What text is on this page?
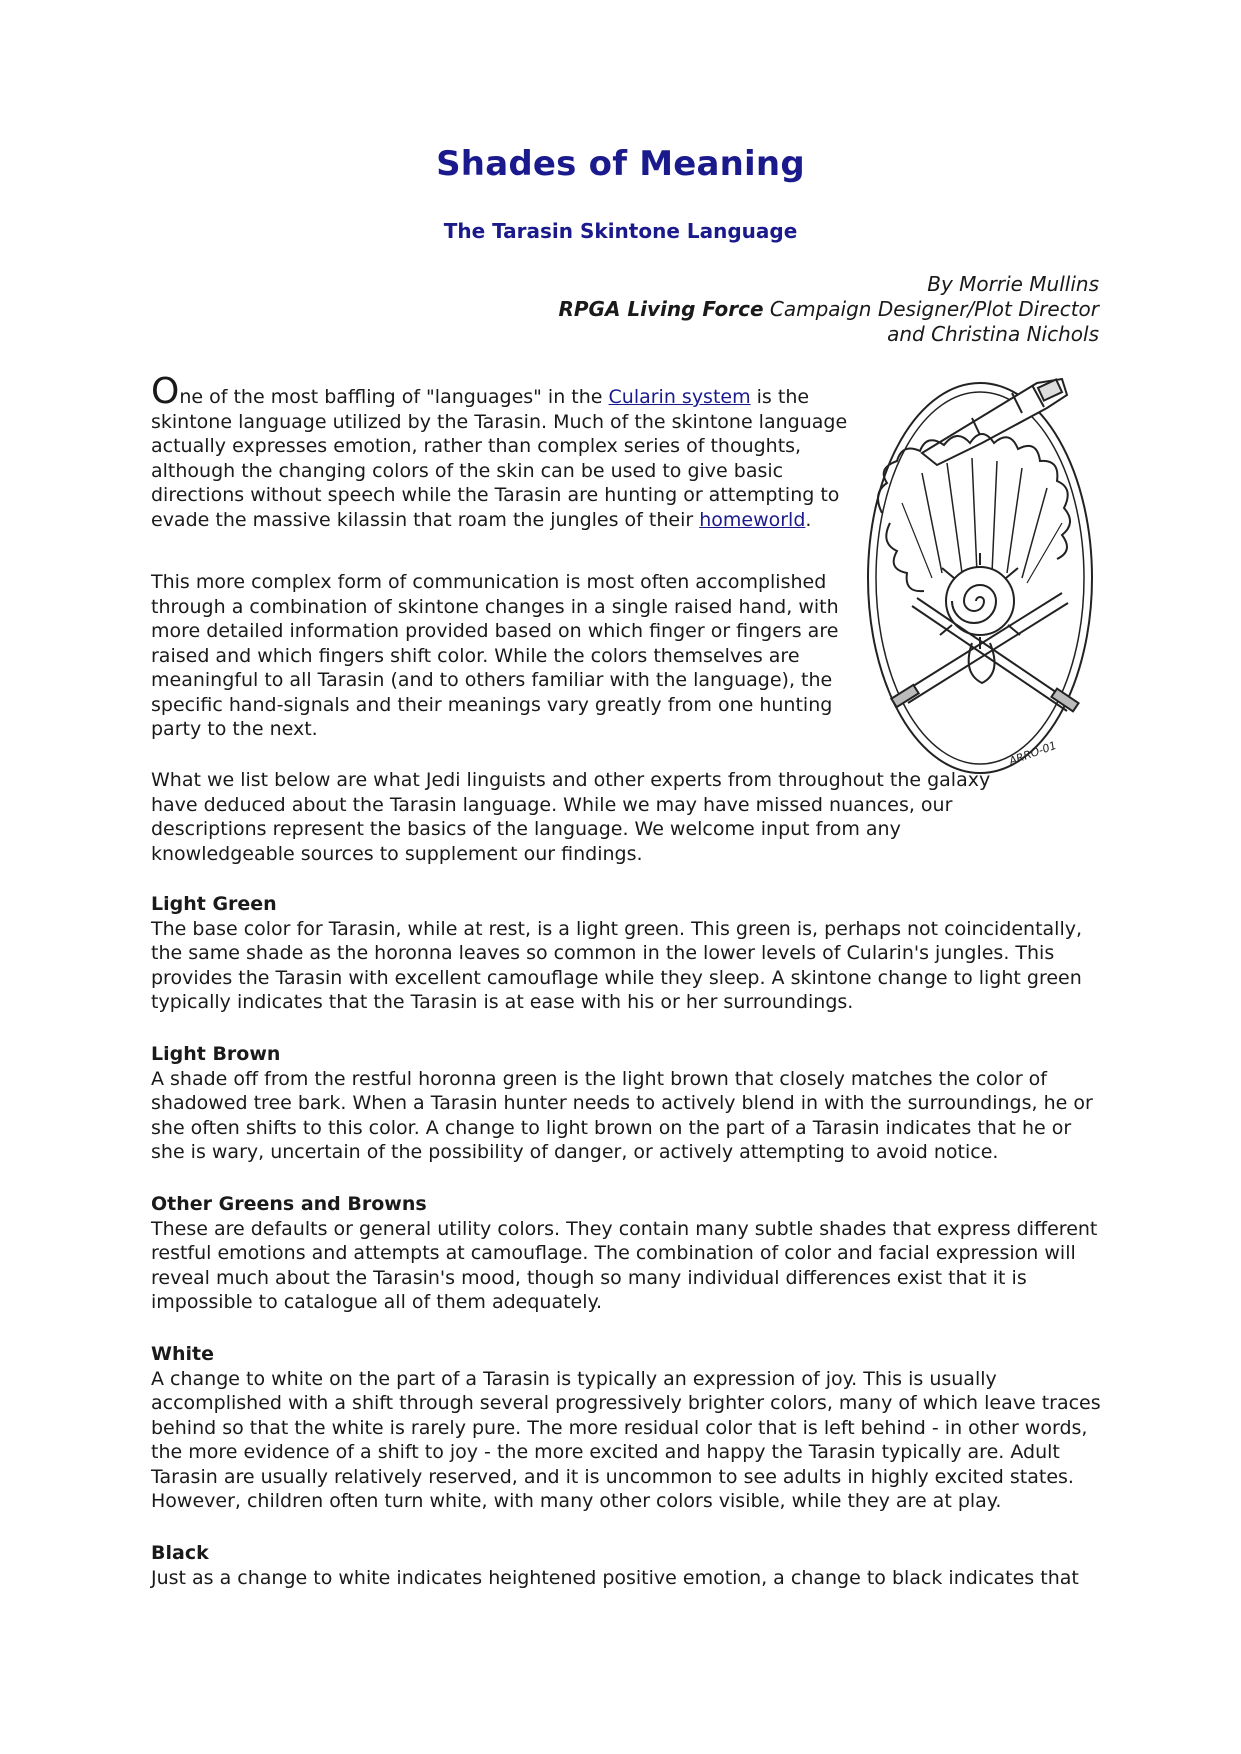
Shades of Meaning
The Tarasin Skintone Language
By Morrie Mullins
RPGA Living Force Campaign Designer/Plot Director
and Christina Nichols

One of the most baffling of "languages" in the Cularin system is the skintone language utilized by the Tarasin. Much of the skintone language actually expresses emotion, rather than complex series of thoughts, although the changing colors of the skin can be used to give basic directions without speech while the Tarasin are hunting or attempting to evade the massive kilassin that roam the jungles of their homeworld.

This more complex form of communication is most often accomplished through a combination of skintone changes in a single raised hand, with more detailed information provided based on which finger or fingers are raised and which fingers shift color. While the colors themselves are meaningful to all Tarasin (and to others familiar with the language), the specific hand-signals and their meanings vary greatly from one hunting party to the next.

What we list below are what Jedi linguists and other experts from throughout the galaxy have deduced about the Tarasin language. While we may have missed nuances, our descriptions represent the basics of the language. We welcome input from any knowledgeable sources to supplement our findings.

Light Green
The base color for Tarasin, while at rest, is a light green. This green is, perhaps not coincidentally, the same shade as the horonna leaves so common in the lower levels of Cularin's jungles. This provides the Tarasin with excellent camouflage while they sleep. A skintone change to light green typically indicates that the Tarasin is at ease with his or her surroundings.
Light Brown
A shade off from the restful horonna green is the light brown that closely matches the color of shadowed tree bark. When a Tarasin hunter needs to actively blend in with the surroundings, he or she often shifts to this color. A change to light brown on the part of a Tarasin indicates that he or she is wary, uncertain of the possibility of danger, or actively attempting to avoid notice.
Other Greens and Browns
These are defaults or general utility colors. They contain many subtle shades that express different restful emotions and attempts at camouflage. The combination of color and facial expression will reveal much about the Tarasin's mood, though so many individual differences exist that it is impossible to catalogue all of them adequately.
White
A change to white on the part of a Tarasin is typically an expression of joy. This is usually accomplished with a shift through several progressively brighter colors, many of which leave traces behind so that the white is rarely pure. The more residual color that is left behind - in other words, the more evidence of a shift to joy - the more excited and happy the Tarasin typically are. Adult Tarasin are usually relatively reserved, and it is uncommon to see adults in highly excited states. However, children often turn white, with many other colors visible, while they are at play.
Black
Just as a change to white indicates heightened positive emotion, a change to black indicates that
ARRO-01
